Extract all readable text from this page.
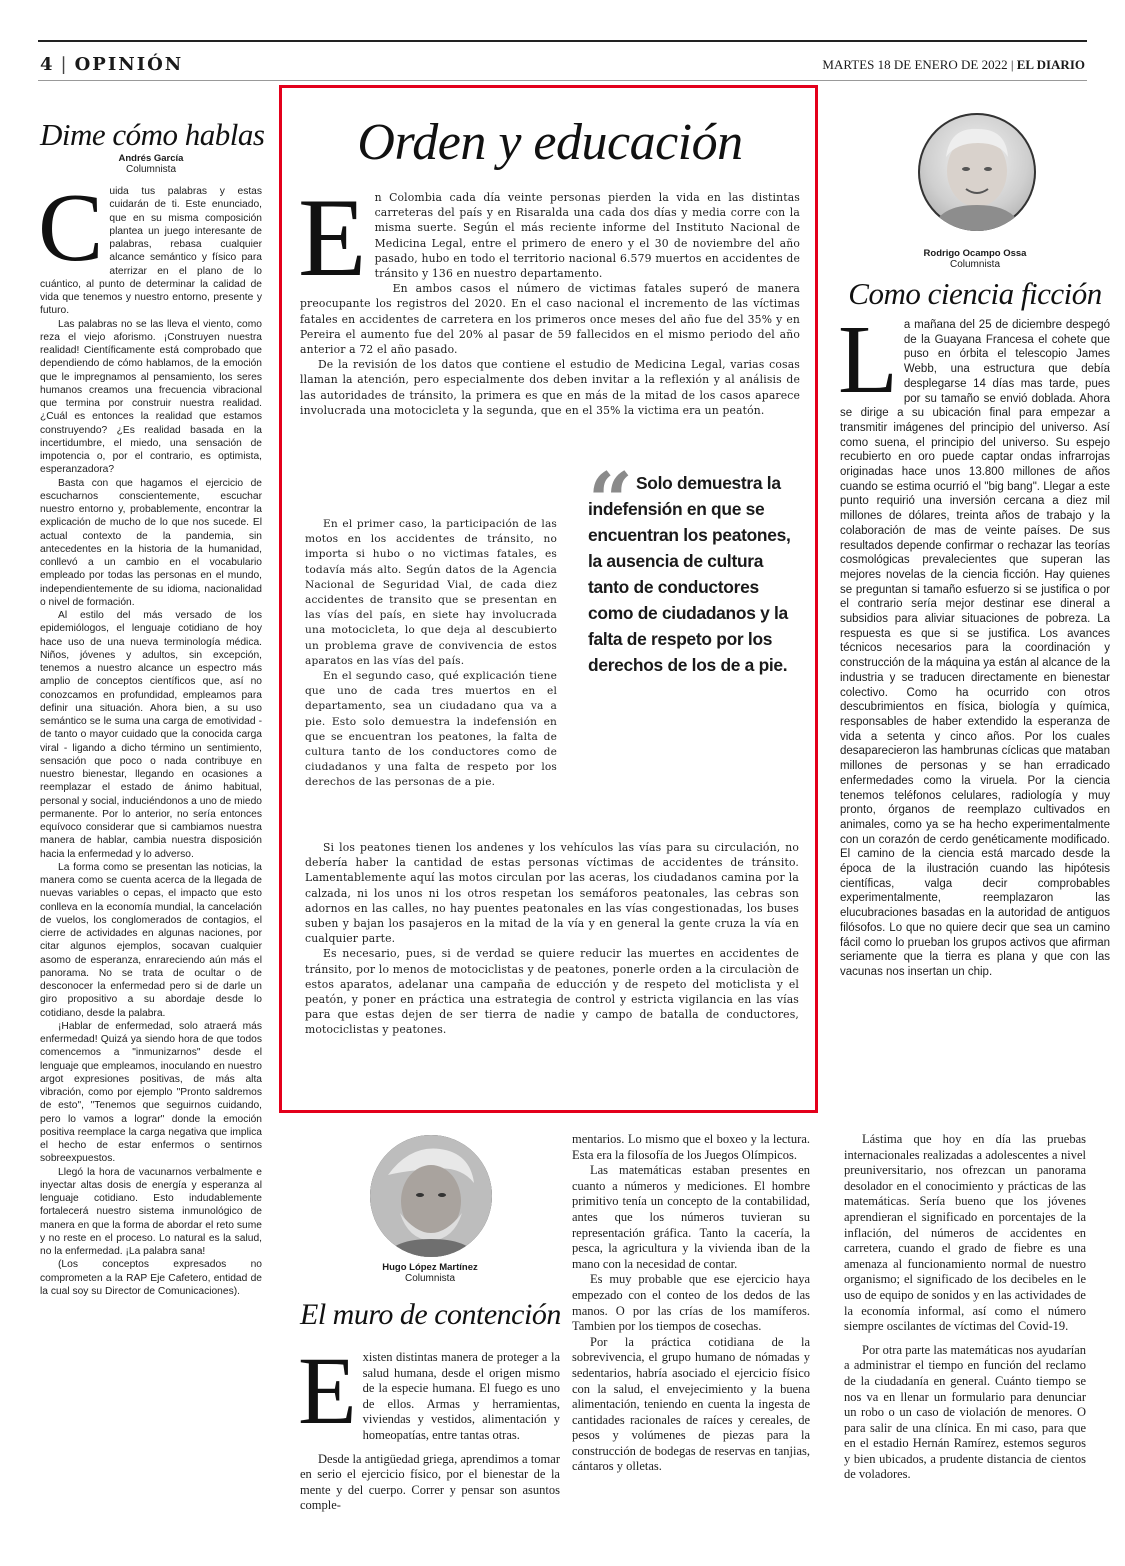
4 | OPINIÓN	MARTES 18 DE ENERO DE 2022 | EL DIARIO
Dime cómo hablas
Andrés García
Columnista
C uida tus palabras y estas cuidarán de ti. Este enunciado, que en su misma composición plantea un juego interesante de palabras, rebasa cualquier alcance semántico y físico para aterrizar en el plano de lo cuántico, al punto de determinar la calidad de vida que tenemos y nuestro entorno, presente y futuro.

Las palabras no se las lleva el viento, como reza el viejo aforismo. ¡Construyen nuestra realidad! Científicamente está comprobado que dependiendo de cómo hablamos, de la emoción que le impregnamos al pensamiento, los seres humanos creamos una frecuencia vibracional que termina por construir nuestra realidad. ¿Cuál es entonces la realidad que estamos construyendo? ¿Es realidad basada en la incertidumbre, el miedo, una sensación de impotencia o, por el contrario, es optimista, esperanzadora?

Basta con que hagamos el ejercicio de escucharnos conscientemente, escuchar nuestro entorno y, probablemente, encontrar la explicación de mucho de lo que nos sucede. El actual contexto de la pandemia, sin antecedentes en la historia de la humanidad, conllevó a un cambio en el vocabulario empleado por todas las personas en el mundo, independientemente de su idioma, nacionalidad o nivel de formación.

Al estilo del más versado de los epidemiólogos, el lenguaje cotidiano de hoy hace uso de una nueva terminología médica. Niños, jóvenes y adultos, sin excepción, tenemos a nuestro alcance un espectro más amplio de conceptos científicos que, así no conozcamos en profundidad, empleamos para definir una situación. Ahora bien, a su uso semántico se le suma una carga de emotividad - de tanto o mayor cuidado que la conocida carga viral - ligando a dicho término un sentimiento, sensación que poco o nada contribuye en nuestro bienestar, llegando en ocasiones a reemplazar el estado de ánimo habitual, personal y social, induciéndonos a uno de miedo permanente. Por lo anterior, no sería entonces equívoco considerar que si cambiamos nuestra manera de hablar, cambia nuestra disposición hacia la enfermedad y lo adverso.

La forma como se presentan las noticias, la manera como se cuenta acerca de la llegada de nuevas variables o cepas, el impacto que esto conlleva en la economía mundial, la cancelación de vuelos, los conglomerados de contagios, el cierre de actividades en algunas naciones, por citar algunos ejemplos, socavan cualquier asomo de esperanza, enrareciendo aún más el panorama. No se trata de ocultar o de desconocer la enfermedad pero si de darle un giro propositivo a su abordaje desde lo cotidiano, desde la palabra.

¡Hablar de enfermedad, solo atraerá más enfermedad! Quizá ya siendo hora de que todos comencemos a "inmunizarnos" desde el lenguaje que empleamos, inoculando en nuestro argot expresiones positivas, de más alta vibración, como por ejemplo "Pronto saldremos de esto", "Tenemos que seguirnos cuidando, pero lo vamos a lograr" donde la emoción positiva reemplace la carga negativa que implica el hecho de estar enfermos o sentirnos sobreexpuestos.

Llegó la hora de vacunarnos verbalmente e inyectar altas dosis de energía y esperanza al lenguaje cotidiano. Esto indudablemente fortalecerá nuestro sistema inmunológico de manera en que la forma de abordar el reto sume y no reste en el proceso. Lo natural es la salud, no la enfermedad. ¡La palabra sana!

(Los conceptos expresados no comprometen a la RAP Eje Cafetero, entidad de la cual soy su Director de Comunicaciones).

Orden y educación
E n Colombia cada día veinte personas pierden la vida en las distintas carreteras del país y en Risaralda una cada dos días y media corre con la misma suerte. Según el más reciente informe del Instituto Nacional de Medicina Legal, entre el primero de enero y el 30 de noviembre del año pasado, hubo en todo el territorio nacional 6.579 muertos en accidentes de tránsito y 136 en nuestro departamento.

En ambos casos el número de victimas fatales superó de manera preocupante los registros del 2020. En el caso nacional el incremento de las víctimas fatales en accidentes de carretera en los primeros once meses del año fue del 35% y en Pereira el aumento fue del 20% al pasar de 59 fallecidos en el mismo periodo del año anterior a 72 el año pasado.

De la revisión de los datos que contiene el estudio de Medicina Legal, varias cosas llaman la atención, pero especialmente dos deben invitar a la reflexión y al análisis de las autoridades de tránsito, la primera es que en más de la mitad de los casos aparece involucrada una motocicleta y la segunda, que en el 35% la victima era un peatón.

En el primer caso, la participación de las motos en los accidentes de tránsito, no importa si hubo o no victimas fatales, es todavía más alto. Según datos de la Agencia Nacional de Seguridad Vial, de cada diez accidentes de transito que se presentan en las vías del país, en siete hay involucrada una motocicleta, lo que deja al descubierto un problema grave de convivencia de estos aparatos en las vías del país.

En el segundo caso, qué explicación tiene que uno de cada tres muertos en el departamento, sea un ciudadano qua va a pie. Esto solo demuestra la indefensión en que se encuentran los peatones, la falta de cultura tanto de los conductores como de ciudadanos y una falta de respeto por los derechos de las personas de a pie.

“ Solo demuestra la indefensión en que se encuentran los peatones, la ausencia de cultura tanto de conductores como de ciudadanos y la falta de respeto por los derechos de los de a pie.

Si los peatones tienen los andenes y los vehículos las vías para su circulación, no debería haber la cantidad de estas personas víctimas de accidentes de tránsito. Lamentablemente aquí las motos circulan por las aceras, los ciudadanos camina por la calzada, ni los unos ni los otros respetan los semáforos peatonales, las cebras son adornos en las calles, no hay puentes peatonales en las vías congestionadas, los buses suben y bajan los pasajeros en la mitad de la vía y en general la gente cruza la vía en cualquier parte.

Es necesario, pues, si de verdad se quiere reducir las muertes en accidentes de tránsito, por lo menos de motociclistas y de peatones, ponerle orden a la circulaciòn de estos aparatos, adelanar una campaña de educción y de respeto del moticlista y el peatón, y poner en práctica una estrategia de control y estricta vigilancia en las vías para que estas dejen de ser tierra de nadie y campo de batalla de conductores, motociclistas y peatones.

Rodrigo Ocampo Ossa
Columnista
Como ciencia ficción
L a mañana del 25 de diciembre despegó de la Guayana Francesa el cohete que puso en órbita el telescopio James Webb, una estructura que debía desplegarse 14 días mas tarde, pues por su tamaño se envió doblada. Ahora se dirige a su ubicación final para empezar a transmitir imágenes del principio del universo. Así como suena, el principio del universo. Su espejo recubierto en oro puede captar ondas infrarrojas originadas hace unos 13.800 millones de años cuando se estima ocurrió el "big bang". Llegar a este punto requirió una inversión cercana a diez mil millones de dólares, treinta años de trabajo y la colaboración de mas de veinte países. De sus resultados depende confirmar o rechazar las teorías cosmológicas prevalecientes que superan las mejores novelas de la ciencia ficción. Hay quienes se preguntan si tamaño esfuerzo si se justifica o por el contrario sería mejor destinar ese dineral a subsidios para aliviar situaciones de pobreza. La respuesta es que si se justifica. Los avances técnicos necesarios para la coordinación y construcción de la máquina ya están al alcance de la industria y se traducen directamente en bienestar colectivo. Como ha ocurrido con otros descubrimientos en física, biología y química, responsables de haber extendido la esperanza de vida a setenta y cinco años. Por los cuales desaparecieron las hambrunas cíclicas que mataban millones de personas y se han erradicado enfermedades como la viruela. Por la ciencia tenemos teléfonos celulares, radiología y muy pronto, órganos de reemplazo cultivados en animales, como ya se ha hecho experimentalmente con un corazón de cerdo genéticamente modificado. El camino de la ciencia está marcado desde la época de la ilustración cuando las hipótesis científicas, valga decir comprobables experimentalmente, reemplazaron las elucubraciones basadas en la autoridad de antiguos filósofos. Lo que no quiere decir que sea un camino fácil como lo prueban los grupos activos que afirman seriamente que la tierra es plana y que con las vacunas nos insertan un chip.

Hugo López Martínez
Columnista
El muro de contención
E xisten distintas manera de proteger a la salud humana, desde el origen mismo de la especie humana. El fuego es uno de ellos. Armas y herramientas, viviendas y vestidos, alimentación y homeopatías, entre tantas otras.

Desde la antigüedad griega, aprendimos a tomar en serio el ejercicio físico, por el bienestar de la mente y del cuerpo. Correr y pensar son asuntos comple-

mentarios. Lo mismo que el boxeo y la lectura. Esta era la filosofía de los Juegos Olímpicos.

Las matemáticas estaban presentes en cuanto a números y mediciones. El hombre primitivo tenía un concepto de la contabilidad, antes que los números tuvieran su representación gráfica. Tanto la cacería, la pesca, la agricultura y la vivienda iban de la mano con la necesidad de contar.

Es muy probable que ese ejercicio haya empezado con el conteo de los dedos de las manos. O por las crías de los mamíferos. Tambien por los tiempos de cosechas.

Por la práctica cotidiana de la sobrevivencia, el grupo humano de nómadas y sedentarios, habría asociado el ejercicio físico con la salud, el envejecimiento y la buena alimentación, teniendo en cuenta la ingesta de cantidades racionales de raíces y cereales, de pesos y volúmenes de piezas para la construcción de bodegas de reservas en tanjias, cántaros y olletas.

Lástima que hoy en día las pruebas internacionales realizadas a adolescentes a nivel preuniversitario, nos ofrezcan un panorama desolador en el conocimiento y prácticas de las matemáticas. Sería bueno que los jóvenes aprendieran el significado en porcentajes de la inflación, del números de accidentes en carretera, cuando el grado de fiebre es una amenaza al funcionamiento normal de nuestro organismo; el significado de los decibeles en le uso de equipo de sonidos y en las actividades de la economía informal, así como el número siempre oscilantes de víctimas del Covid-19.

Por otra parte las matemáticas nos ayudarían a administrar el tiempo en función del reclamo de la ciudadanía en general. Cuánto tiempo se nos va en llenar un formulario para denunciar un robo o un caso de violación de menores. O para salir de una clínica. En mi caso, para que en el estadio Hernán Ramírez, estemos seguros y bien ubicados, a prudente distancia de cientos de voladores.
